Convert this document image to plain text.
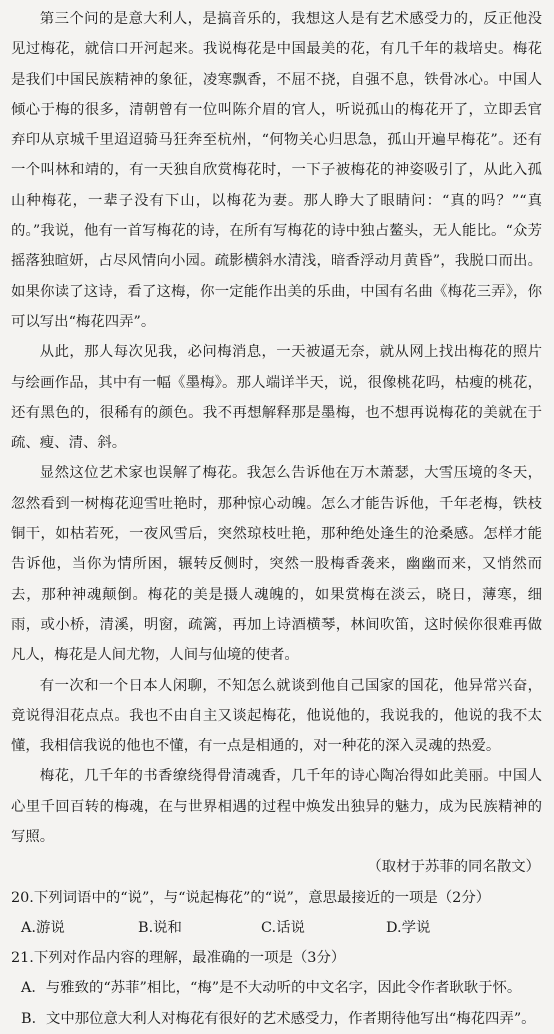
第三个问的是意大利人，是搞音乐的，我想这人是有艺术感受力的，反正他没见过梅花，就信口开河起来。我说梅花是中国最美的花，有几千年的栽培史。梅花是我们中国民族精神的象征，凌寒飘香，不屈不挠，自强不息，铁骨冰心。中国人倾心于梅的很多，清朝曾有一位叫陈介眉的官人，听说孤山的梅花开了，立即丢官弃印从京城千里迢迢骑马狂奔至杭州，“何物关心归思急，孤山开遍早梅花”。还有一个叫林和靖的，有一天独自欣赏梅花时，一下子被梅花的神姿吸引了，从此入孤山种梅花，一辈子没有下山，以梅花为妻。那人睁大了眼睛问：“真的吗？”“真的。”我说，他有一首写梅花的诗，在所有写梅花的诗中独占鳌头，无人能比。“众芳摇落独暄妍，占尽风情向小园。疏影横斜水清浅，暗香浮动月黄昏”，我脱口而出。如果你读了这诗，看了这梅，你一定能作出美的乐曲，中国有名曲《梅花三弄》，你可以写出“梅花四弄”。

从此，那人每次见我，必问梅消息，一天被逼无奈，就从网上找出梅花的照片与绘画作品，其中有一幅《墨梅》。那人端详半天，说，很像桃花吗，枯瘦的桃花，还有黑色的，很稀有的颜色。我不再想解释那是墨梅，也不想再说梅花的美就在于疏、瘦、清、斜。

显然这位艺术家也误解了梅花。我怎么告诉他在万木萧瑟，大雪压境的冬天，忽然看到一树梅花迎雪吐艳时，那种惊心动魄。怎么才能告诉他，千年老梅，铁枝铜干，如枯若死，一夜风雪后，突然琼枝吐艳，那种绝处逢生的沧桑感。怎样才能告诉他，当你为情所困，辗转反侧时，突然一股梅香袭来，幽幽而来，又悄然而去，那种神魂颠倒。梅花的美是摄人魂魄的，如果赏梅在淡云，晓日，薄寒，细雨，或小桥，清溪，明窗，疏篱，再加上诗酒横琴，林间吹笛，这时候你很难再做凡人，梅花是人间尤物，人间与仙境的使者。

有一次和一个日本人闲聊，不知怎么就谈到他自己国家的国花，他异常兴奋，竟说得泪花点点。我也不由自主又谈起梅花，他说他的，我说我的，他说的我不太懂，我相信我说的他也不懂，有一点是相通的，对一种花的深入灵魂的热爱。

梅花，几千年的书香缭绕得骨清魂香，几千年的诗心陶冶得如此美丽。中国人心里千回百转的梅魂，在与世界相遇的过程中焕发出独异的魅力，成为民族精神的写照。

（取材于苏菲的同名散文）

20.下列词语中的“说”，与“说起梅花”的“说”，意思最接近的一项是（2分）

A.游说	B.说和	C.话说	D.学说

21.下列对作品内容的理解，最准确的一项是（3分）

A．与雅致的“苏菲”相比，“梅”是不大动听的中文名字，因此令作者耿耿于怀。

B．文中那位意大利人对梅花有很好的艺术感受力，作者期待他写出“梅花四弄”。
